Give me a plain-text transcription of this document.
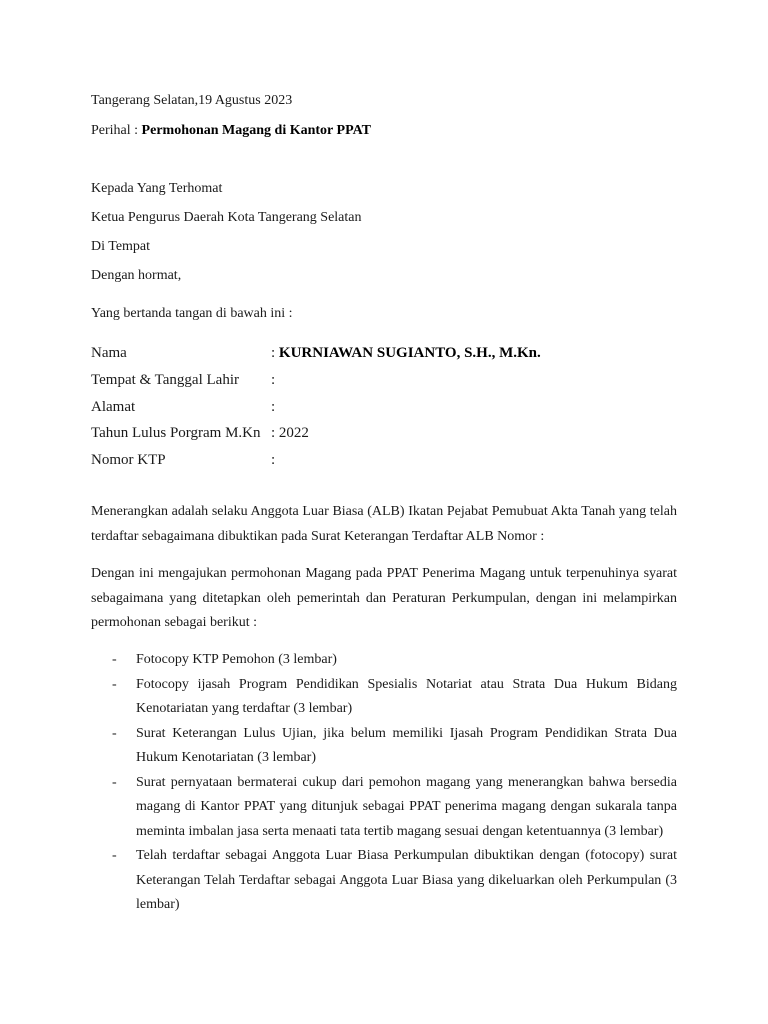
Tangerang Selatan,19 Agustus 2023
Perihal : Permohonan Magang di Kantor PPAT
Kepada Yang Terhomat
Ketua Pengurus Daerah Kota Tangerang Selatan
Di Tempat
Dengan hormat,
Yang bertanda tangan di bawah ini :
Nama	: KURNIAWAN SUGIANTO, S.H., M.Kn.
Tempat & Tanggal Lahir :
Alamat	:
Tahun Lulus Porgram M.Kn : 2022
Nomor KTP	:
Menerangkan adalah selaku Anggota Luar Biasa (ALB) Ikatan Pejabat Pemubuat Akta Tanah yang telah terdaftar sebagaimana dibuktikan pada Surat Keterangan Terdaftar ALB Nomor :
Dengan ini mengajukan permohonan Magang pada PPAT Penerima Magang untuk terpenuhinya syarat sebagaimana yang ditetapkan oleh pemerintah dan Peraturan Perkumpulan, dengan ini melampirkan permohonan sebagai berikut :
- Fotocopy KTP Pemohon (3 lembar)
- Fotocopy ijasah Program Pendidikan Spesialis Notariat atau Strata Dua Hukum Bidang Kenotariatan yang terdaftar (3 lembar)
- Surat Keterangan Lulus Ujian, jika belum memiliki Ijasah Program Pendidikan Strata Dua Hukum Kenotariatan (3 lembar)
- Surat pernyataan bermaterai cukup dari pemohon magang yang menerangkan bahwa bersedia magang di Kantor PPAT yang ditunjuk sebagai PPAT penerima magang dengan sukarala tanpa meminta imbalan jasa serta menaati tata tertib magang sesuai dengan ketentuannya (3 lembar)
- Telah terdaftar sebagai Anggota Luar Biasa Perkumpulan dibuktikan dengan (fotocopy) surat Keterangan Telah Terdaftar sebagai Anggota Luar Biasa yang dikeluarkan oleh Perkumpulan (3 lembar)
